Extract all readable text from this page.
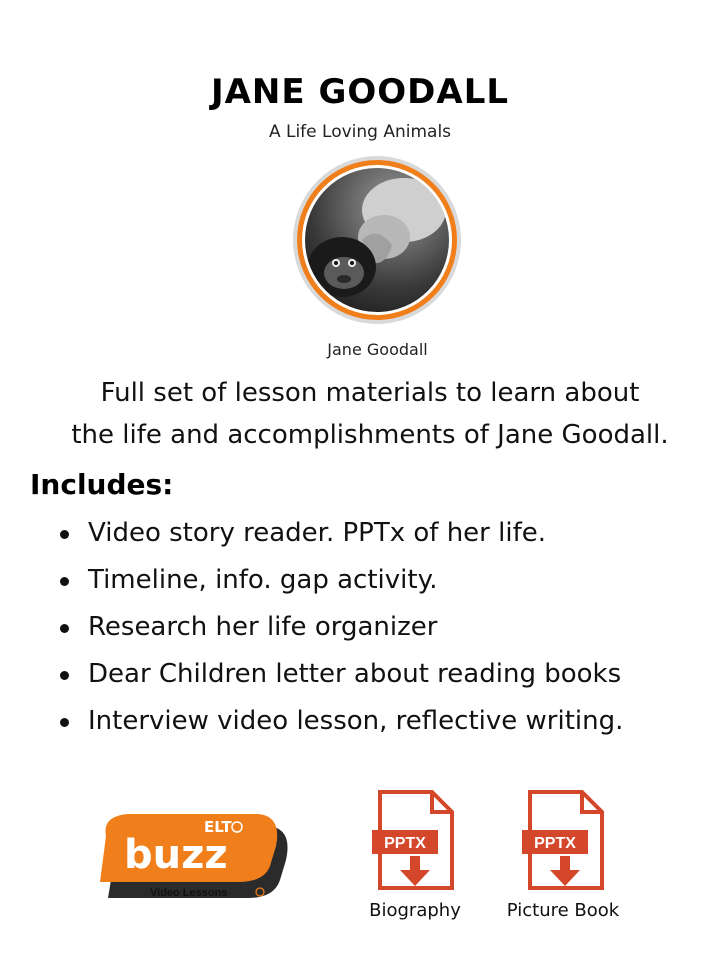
JANE GOODALL
A Life Loving Animals
Jane Goodall
Full set of lesson materials to learn about
the life and accomplishments of Jane Goodall.
Includes:
Video story reader. PPTx of her life.
Timeline, info. gap activity.
Research her life organizer
Dear Children letter about reading books
Interview video lesson, reflective writing.
ELT
buzz
Video Lessons
PPTX	PPTX
Biography	Picture Book
